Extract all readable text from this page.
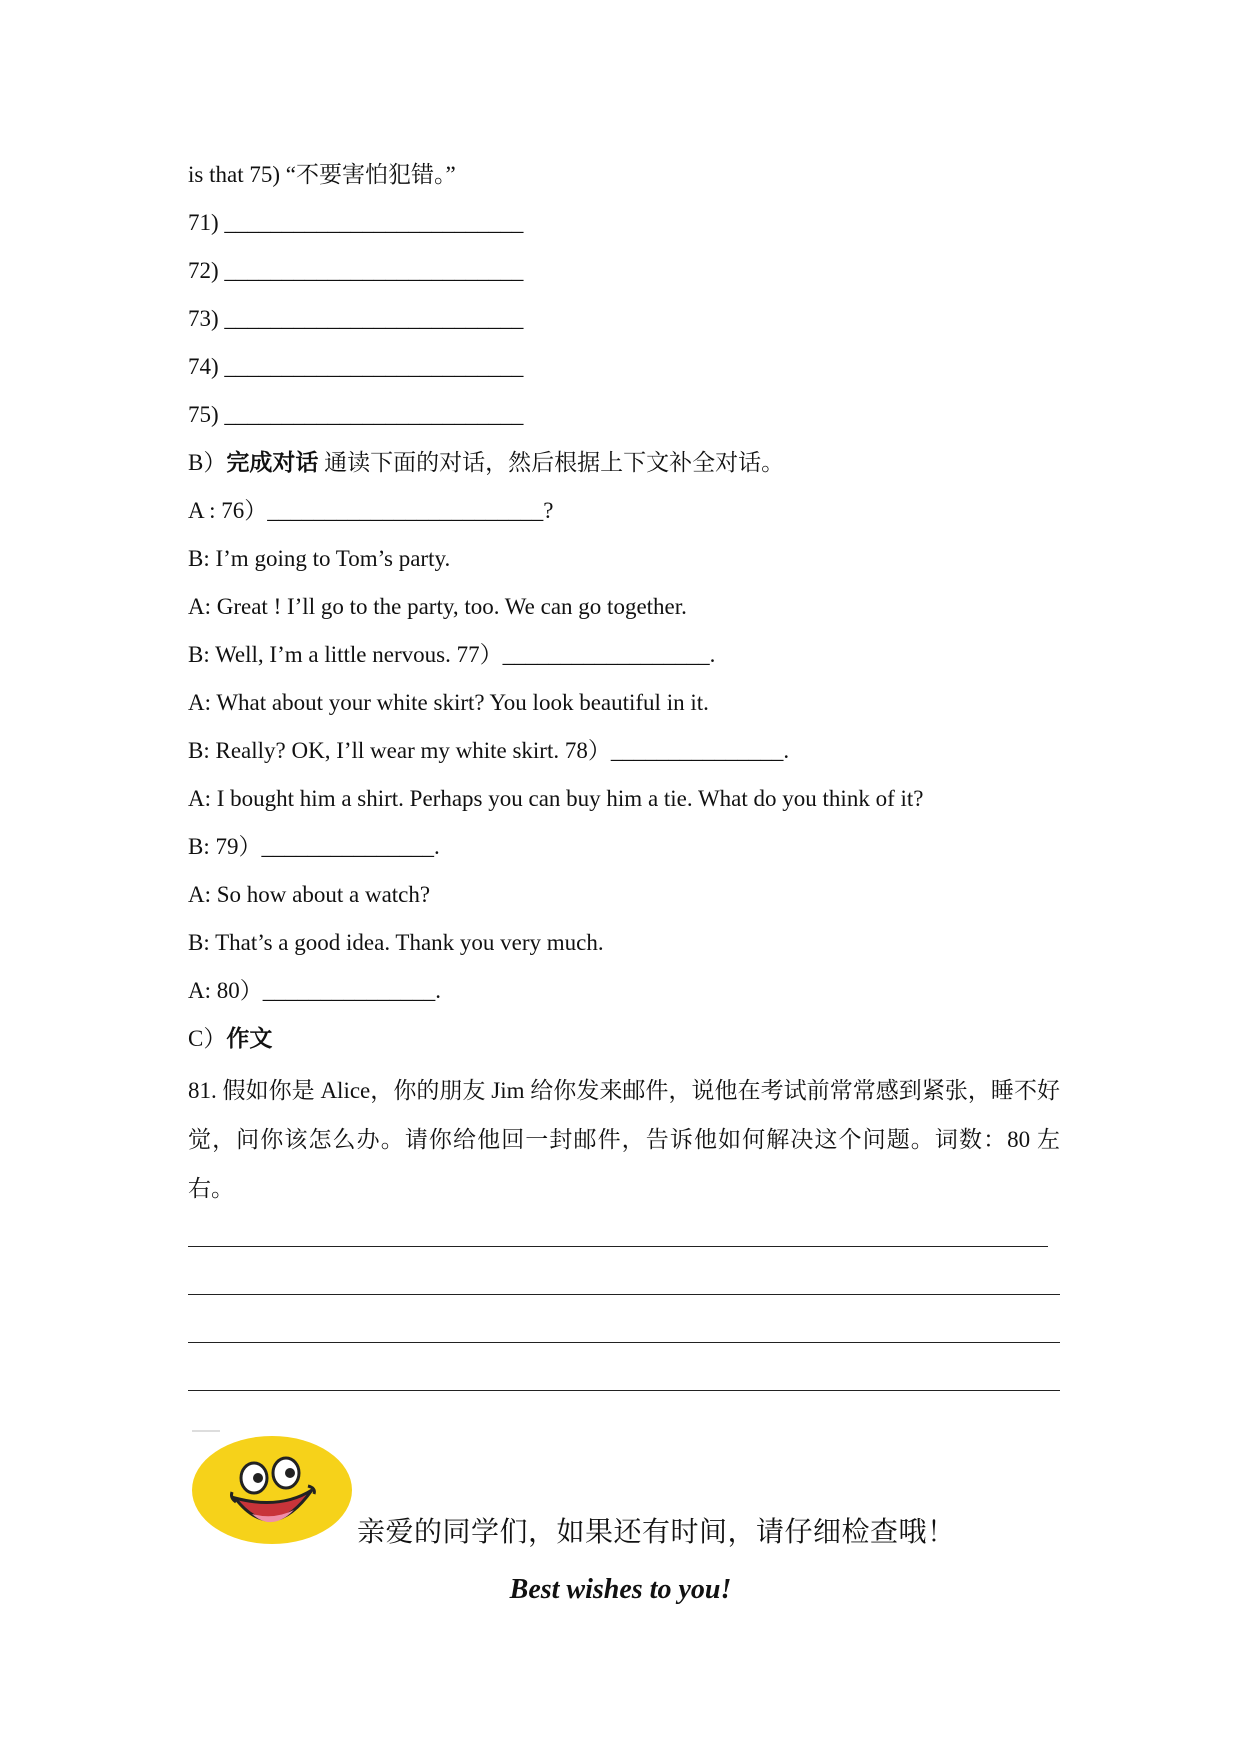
is that 75) “不要害怕犯错。”
71) __________________________
72) __________________________
73) __________________________
74) __________________________
75) __________________________
B）完成对话 通读下面的对话，然后根据上下文补全对话。
A : 76）________________________?
B: I’m going to Tom’s party.
A: Great ! I’ll go to the party, too. We can go together.
B: Well, I’m a little nervous. 77）__________________.
A: What about your white skirt? You look beautiful in it.
B: Really? OK, I’ll wear my white skirt. 78）_______________.
A: I bought him a shirt. Perhaps you can buy him a tie. What do you think of it?
B: 79）_______________.
A: So how about a watch?
B: That’s a good idea. Thank you very much.
A: 80）_______________.
C）作文
81. 假如你是 Alice，你的朋友 Jim 给你发来邮件，说他在考试前常常感到紧张，睡不好觉，问你该怎么办。请你给他回一封邮件，告诉他如何解决这个问题。词数：80 左右。
亲爱的同学们，如果还有时间，请仔细检查哦！
Best wishes to you!
